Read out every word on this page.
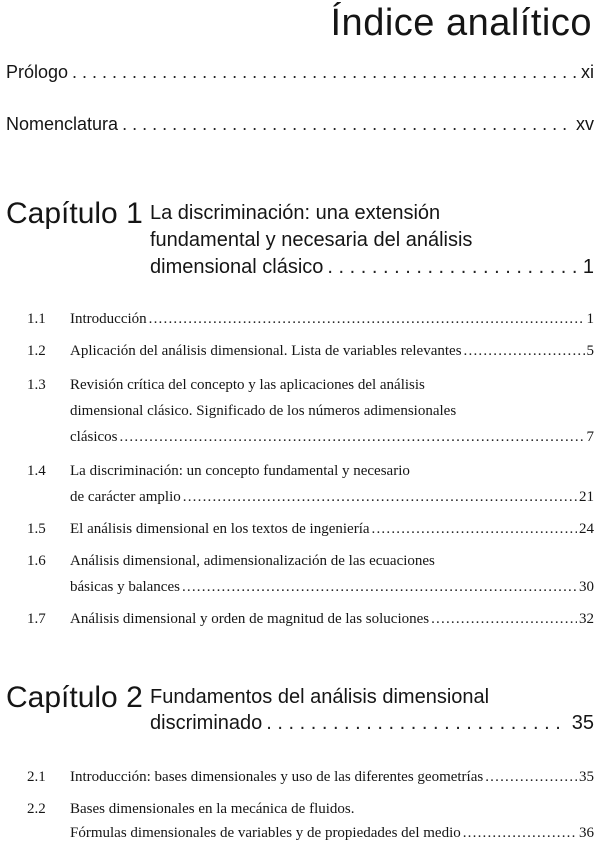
Índice analítico
Prólogo . . .	xi
Nomenclatura . . .	xv
Capítulo 1 La discriminación: una extensión
fundamental y necesaria del análisis
dimensional clásico . . .	1
1.1 Introducción .....	1
1.2 Aplicación del análisis dimensional. Lista de variables relevantes .....	5
1.3 Revisión crítica del concepto y las aplicaciones del análisis
dimensional clásico. Significado de los números adimensionales
clásicos .....	7
1.4 La discriminación: un concepto fundamental y necesario
de carácter amplio .....	21
1.5 El análisis dimensional en los textos de ingeniería .....	24
1.6 Análisis dimensional, adimensionalización de las ecuaciones
básicas y balances .....	30
1.7 Análisis dimensional y orden de magnitud de las soluciones .....	32
Capítulo 2 Fundamentos del análisis dimensional
discriminado . . .	35
2.1 Introducción: bases dimensionales y uso de las diferentes geometrías .....	35
2.2 Bases dimensionales en la mecánica de fluidos.
Fórmulas dimensionales de variables y de propiedades del medio .....	36
